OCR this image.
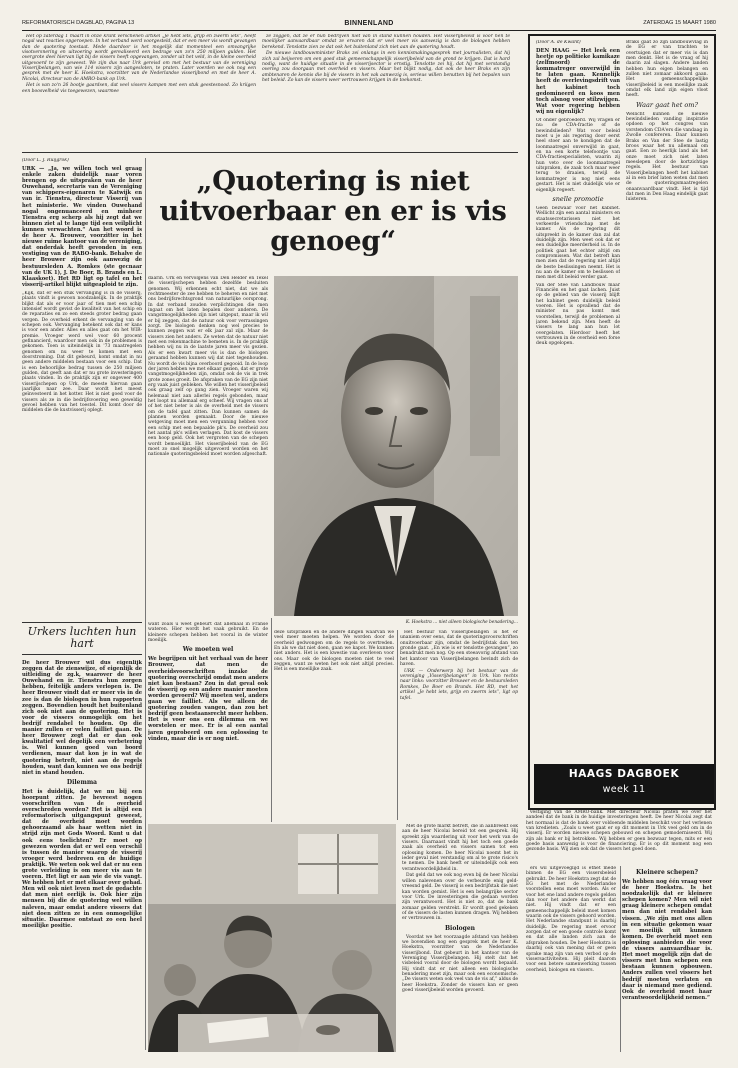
REFORMATORISCH DAGBLAD, PAGINA 13	BINNENLAND	ZATERDAG 15 MAART 1980

Het op zaterdag 1 maart in onze krant verschenen artikel „Je hebt iets, grijp en zwerm iets“, heeft nogal wat reacties opgeroepen. In het verband werd voorgesteld, dat er een meer vis wordt gevangen dan de quotering toestaat. Mede daardoor is het mogelijk dat momenteel een omvangrijke visotversnering en uitvoering wordt gerealiseerd een bedrage van zo'n 250 miljoen gulden. Het overgrote deel hiervan ligt bij de vissers heeft opgevangen, zonder uit het veld, in de kleine overheid uitgevoerd te zijn geweest. We zijn dus naar Urk gereisd om met het bestuur van de vereniging Visserijbelangen, van wie 114 vissers zijn aangesloten, te praten. Later voerden we ook nog een gesprek met de heer K. Hoekstra, voorzitter van de Nederlandse visserijbond en met de heer A. Nicolai, directeur van de AMRO-bank op Urk.

Het is van zo'n 26 bootje gaardsen, dat veel vissers kampen met een stuk geestesnood. Zo kriigen een boosvelheid vis toegewezen, waarmee

ze zoggen, dat ze er hun bedrijven niet van in stand kunnen houden. Het visserijbeleid is voor hen te moeilijker aanvaardbaar omdat ze ervaren dat er veel meer vis aanwezig is dan de biologen hebben berekend. Tenslotte zien ze dat ook het buitenland zich niet aan de quotering houdt.

De nieuwe landbouwminister Braks zei onlangs in een kennismakingsgesprek met journalisten, dat hij zich zal beijveren om een goed stuk gemeenschappelijk visserijbeleid van de grond te krijgen. Dat is hard nodig, want de huidige situatie in de visserijsector is ernstig. Tenslotte zei hij, dat hij met verstandig overleg zou doorgaan met overheid en vissers. Maar het blijkt nodig, dat ook de heer Braks en zijn ambtenaren de kennis die bij de vissers in het vak aanwezig is, serieus willen benutten bij het bepalen van het beleid. Zo kan de vissers weer vertrouwen krijgen in de toekomst.

(Door L. J. Ruijgrok)
URK — „Ja, we willen toch wel graag enkele zaken duidelijk naar voren brengen op de uitspraken van de heer Ouwehand, secretaris van de Vereniging van schippers-eigenaren te Katwijk en van ir. Tienstra, directeur Visserij van het ministerie. We vinden Ouwehand nogal ongenuanceerd en minheer Tienstra erg scherp als hij zegt dat we binnen ziet al te lange tijd een veilplicht kunnen verwachten.“ Aan het woord is de heer A. Brouwer, voorzitter in het nieuwe ruime kantoor van de vereniging, dat onderdak heeft gevonden in een vestiging van de RABO-bank. Behalve de heer Brouwer zijn ook aanwezig de bestuursleden A. Romkes (ste gecnaar van de UK 1), J. De Boer, B. Brands en L. Klaaskoet). Het RD ligt op tafel en het visserij-artikel blijkt uitgeaploid te zijn.
„Kijk, dat er een stuk vervanging is in de visserij, plaats vindt is gewoon noodzakelijk. In de praktijk blijkt dat als er voor jaar of tien met een schip intensief wordt gevist de kwaliteit van het schip en de reparaties en zo een steeds groter bedrag gaan vergen. De overheid erkent de vervanging van de schepen ook. Vervanging betekent ook dat er kans is voor een ander. Alles en alles gaat om het WIR-premie. Vroeger werd wel voor 60 procent gefinancierd, waardoor men ook in de problemen is gekomen. Toen is uiteindelijk in '73 maatregelen genomen om nu weer te komen met een doorstroming. Dat dit gebeurd, komt omdat in nu geen andere middelen bestaan voor een schip. Dat is een behoorlijke bedrag tussen de 250 miljoen gulden, dat geeft aan dat er nu grote investeringen plaats vinden. In de praktijk zijn er ongeveer 400 visserijschepen op Urk, de meeste hiervan gaan jaarlijks naar zee. Daar wordt het meest geïnvesteerd in het kotter. Het is niet goed voor de vissers als ze in die bedrijfsvoering een geweldig gevoel hebben van het toestel. Dit komt door de middelen die de kustvisserij oplegt.
„Quotering is niet uitvoerbaar en er is vis genoeg“
daarin. Urk en vervolgens van Den Helder en Texel de visserijschepen hebben dezelfde besluiten genomen. Wij erkennen echt niet, dat we als rechtmeester de zee hebben te beheren en niet met ons bedrijfsrechtsgrond van natuurlijke oorsprong. In dat verband zouden verplichtingen die men ingaat om het laten bepalen door anderen. De vangstmogelijkheden zijn niet uitgeput, maar ik wil er bij zeggen, dat de natuur ook voor verrassingen zorgt. De biologen denken nog wel precies te kunnen zeggen wat er elk jaar zal zijn. Maar de vissers zien het anders. Ze weten dat de natuur niet met een rekenmachine te bemeten is. In de praktijk hebben wij nu in de laatste jaren meer vis gezien. Als er een kwart meer vis is dan de biologen geraamd hebben kunnen wij dat niet tegenhouden. Nu wordt de vis bijna overboord gegooid. In de loop der jaren hebben we met elkaar gezien, dat er grote vangstmogelijkheden zijn, omdat ook de vis in trek grote zones groeit. De afspraken van de EG zijn niet erg vaak juist gebleken. We willen het visserijbeleid ook graag zelf op gang zien. Vroeger waren wij helemaal niet aan allerlei regels gebonden, maar het loopt nu allemaal erg scheef. Wij vragen ons af of het niet beter is als de overheid met de vissers om de tafel gaat zitten. Dan kunnen samen de plannen worden gemaakt. Door de nieuwe wetgeving moet men een vergunning hebben voor een schip met een bepaalde pk's. De overheid zou het aantal pk's willen verlagen. Dat kost de vissers een hoop geld. Ook het vergroten van de schepen wordt bemoeilijkt. Het visserijbeleid van de EG moet zo snel mogelijk uitgevoerd worden en het nationale quoteringsbeleid moet worden afgeschaft.
K. Hoekstra ... niet alleen biologische benadering...
(Door A. de Kwant)
DEN HAAG — Het leek een heetje op politieke kamikaze (zelfmoord) de kommatreger onverwijld in te laten gaan. Kennelijk heeft de overlevingsdrift van het kabinet toch gedomineerd en koos men toch alsnog voor stilzwijgen. Wat voor regering hebben wij nu eigenlijk?
Of onder gebroederd. Wij vragen er nu: de CDA-fractie of de bewindslieden? Wat voor beleid moet u je als regering door eerst heel stoer aan te kondigen dat de loonmaatregel onverwijld in gaat, en na een korte telefoontje van CDA-fractiespecialisten, waarin zij hun veto over de loonmaatregel uitspraken, de zaak toch maar weer terug te draaien, terwijl de kommatreger is nog niet eens gestart. Het is niet duidelijk wie er eigenlijk regeert.
snelle promotie
Geen bezwaar voor het kabinet. Wellicht zijn een aantal ministers en staatssecretarissen niet het verkeerde vriendschap met de kamer. Als de regering dit uitspreekt in de kamer dan zal dat duidelijk zijn. Men weet ook dat er een duidelijke meerderheid is. In de politiek gaat het echter altijd om compromissen. Wat dat betreft kan men zien dat de regering niet altijd de beste beslissingen neemt. Het is nu aan de kamer om te beslissen of men met dit beleid verder gaat.
Van der Stee van Landbouw maar Financiën en het gaat lachen. Juist op de gebied van de visserij blijft het kabinet geen duidelijk beleid voeren. Het is opvallend dat de minister nu pas komt met voorstellen, terwijl de problemen al jaren bekend zijn. Men heeft de vissers te lang aan hun lot overgelaten. Hierdoor heeft het vertrouwen in de overheid een forse deuk opgelopen.
Braks gaat zo zijn landbouwvlag in de EG er van trachten te overtuigen dat er meer vis is dan men denkt. Het is de vraag of hij daarin zal slagen. Andere landen hebben hun eigen belangen en zullen niet zomaar akkoord gaan. Het gemeenschappelijke visserijbeleid is een moeilijke zaak omdat elk land zijn eigen vloot heeft.
Waar gaat het om?
Wellicht kunnen de nieuwe bewindslieden vanding inspiratie opdoen op het congres van vorstendom CDA'ers die vandaag in Zwolle confereren. Daar kunnen Braks en Van der Stee de lastig broos waar het nu allemaal om gaat. Een zo heerlijk land als het onze moet zich niet laten meeslepen door de kortzichtige regels. Het bestuur van Visserijbelangen heeft het kabinet al in een brief laten weten dat men de quoteringsmaatregelen onaanvaardbaar vindt. Het is tijd dat men in Den Haag eindelijk gaat luisteren.
HAAGS DAGBOEK
week 11
Urkers luchten hun hart
De heer Brouwer wil dus eigenlijk zeggen dat de zienswijze, of eigenlijk de uitleiding de zg.k, waarover de heer Ouwehand en ir. Tienstra hun zorgen hebben, feitelijk anders verlopen is. De heer Brouwer vindt dat er meer vis in de zee is dan de biologen in hun rapporten zeggen. Bovendien houdt het buitenland zich ook niet aan de quotering. Het is voor de vissers onmogelijk om het bedrijf rendabel te houden. Op die manier zullen er velen failliet gaan. De heer Brouwer zegt dat er dan ook kwalitatief wel degelijk een verbetering is. Wel kunnen goed van boord verdienen, maar dat kon je in wat de quotering betreft, niet aan de regels houden, want dan kunnen we ons bedrijf niet in stand houden.
Dilemma
Het is duidelijk, dat we nu bij een hoorpunt zitten. Je bevreest nogen voorschriften van de overheid overschreden worden? Het is altijd een reformatorisch uitgangspunt geweest, dat de overheid moet worden gehoorzaamd als haar wetten niet in strijd zijn met Gods Woord. Kunt u dat ook eens toelichten? Er moet op gewezen worden dat er wel een verschil is tussen de manier waarop de visserij vroeger werd bedreven en de huidige praktijk. We weten ook wel dat er nu een grote verleiding is om meer vis aan te voeren. Het ligt er aan wie de vis vangt. We hebben het er met elkaar over gehad. Men wil ook niet leven met de gedachte dat men niet eerlijk is. Ook hier zijn mensen bij die de quotering wel willen naleven, maar omdat andere vissers dat niet doen zitten ze in een onmogelijke situatie. Daarmee ontstaat zo een heel moeilijke positie.
want zoals u weet gebeurt dat allemaal in Franse wateren. Hier wordt het vaak gebruikt. En de kleinere schepen hebben het vooral in de winter moeilijk.
We moeten wel
We begrijpen uit het verhaal van de heer Brouwer, dat men de overheidsvoorschriften inzake de quotering overschrijd omdat men anders niet kan bestaan? Zou in dat geval ook de visserij op een andere manier moeten worden gevoerd? Wij moeten wel, anders gaan we failliet. Als we alleen de quotering zouden vangen, dan zou het bedrijf geen bestaansrecht meer hebben. Het is voor ons een dilemma en we worstelen er mee. Er is al een aantal jaren geprobeerd om een oplossing te vinden, maar die is er nog niet.
deze uitspraken en de andere dingen waarvan we veel meer moeten helpen. We worden door de overheid gedwongen om de regels te overtreden. En als we dat niet doen, gaan we kapot. We kunnen niet anders. Het is een kwestie van overleven voor ons. Maar ook de biologen moeten niet te veel zeggen, want ze weten het ook niet altijd precies. Het is een moeilijke zaak.

Het bestuur van Visserijbelangen is het er unaniem over eens, dat de quoteringsvoorschriften onuitvoerbaar zijn, omdat de bedrijfstak dan ten gronde gaat. „En wie is er tenslotte gevangen“, zo benadrukt men nog. Op een steeavorig afstand van het kantoor van Visserijbelangen bevindt zich de haven.

URK — Onderwerp bij het bestuur van de vereniging „Visserijbelangen“ in Urk. Van rechts naar links: voorzitter Brouwer en de bestuursleden Romkes, De Boer en Brands. Het RD, met het artikel „Je hebt iets, grijp en zwerm iets“, ligt op tafel.

Met de grote markt betreft, die in aanbreekt ook aan de heer Nicolai bereid tot een gesprek. Hij spreekt zijn waardering uit voor het werk van de vissers. Daarnaast vindt hij het toch een goede zaak als overheid en vissers samen tot een oplossing komen. De heer Nicolai noemt het in ieder geval niet verstandig om al te grote risico's te nemen. De bank heeft er uiteindelijk ook een verantwoordelijkheid in.

Dat geld dat we ook nog even bij de heer Nicolai willen nalevenen over de verbeurde enig geld-vreesnd geld. De visserij is een bedrijfstak die niet kan worden gemist. Het is een belangrijke sector voor Urk. De investeringen die gedaan worden zijn verantwoord. Het is niet zo, dat de bank zomaar gelden verstrekt. Er wordt goed gekeken of de vissers de lasten kunnen dragen. Wij hebben er vertrouwen in.

Biologen

Voordat we het voorzaagde afstand van hebben we bovendien nog een gesprek met de heer K. Hoekstra, voorzitter van de Nederlandse visserijbond. Dat gebeurt in het kantoor van de Vereniging Visserijbelangen. Hij stelt dat het visbeleid vooral door de biologen wordt bepaald. Hij vindt dat er niet alleen een biologische benadering moet zijn, maar ook een economische. „De vissers weten ook veel van de vis af,“ aldus de heer Hoekstra. Zonder de vissers kan er geen goed visserijbeleid worden gevoerd.

vestiging van de AMRO-bank. Met directeur Nicolai praten we over het aandeel dat de bank in de huidige investeringen heeft. De heer Nicolai zegt dat het normaal is dat de bank over voldoende middelen beschikt voor het verlenen van kredieten. „Zoals u weet gaat er op dit moment in Urk veel geld om in de visserij. Er worden nieuwe schepen gebouwd en schepen gemoderniseerd. Wij zijn als bank er bij betrokken. Wij hebben er geen bezwaar tegen, mits er een goede basis aanwezig is voor de financiering. Er is op dit moment nog een gezonde basis. Wij zien ook dat de vissers het goed doen.

ers wil uitgevoeglijd is ethet mede binnen de EG een vissersbeleid gebruikt. De heer Hoekstra zegt dat de EG het met de Nederlandse voorstellen eens moet worden. Als er voor het ene land andere regels gelden dan voor het andere dan werkt dat niet. Hij vindt dat er een gemeenschappelijk beleid moet komen waarin ook de vissers gehoord worden. Het Nederlandse standpunt is daarbij duidelijk. De regering moet ervoor zorgen dat er een goede controle komt en dat alle landen zich aan de afspraken houden. De heer Hoekstra is daarbij ook van mening dat er geen sprake mag zijn van een verbod op de vissersactiviteiten. Hij pleit daarom voor een betere samenwerking tussen overheid, biologen en vissers.

Kleinere schepen?
We hebben nog één vraag voor de heer Hoekstra. Is het noodzakelijk dat er kleinere schepen komen? Men wil niet graag kleinere schepen omdat men dan niet rendabel kan vissen. „We zijn met ons allen in een situatie gekomen waar we moeilijk uit kunnen komen. De overheid moet een oplossing aanbieden die voor de vissers aanvaardbaar is. Het moet mogelijk zijn dat de vissers met hun schepen een bestaan kunnen opbouwen. Anders zullen veel vissers het bedrijf moeten verlaten en daar is niemand mee gediend. Ook de overheid moet haar verantwoordelijkheid nemen.“
